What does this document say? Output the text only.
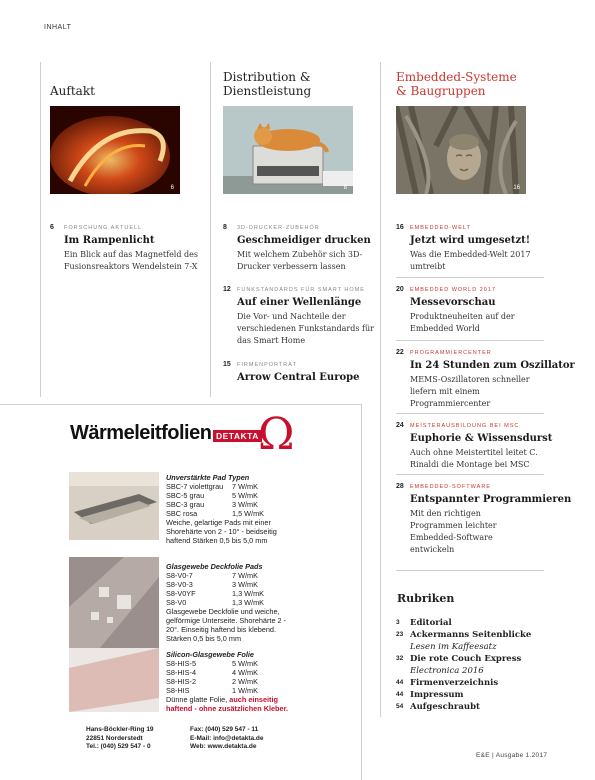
INHALT
Auftakt
6
6 FORSCHUNG AKTUELL
Im Rampenlicht
Ein Blick auf das Magnetfeld des Fusionsreaktors Wendelstein 7-X
Distribution & Dienstleistung
8
8 3D-DRUCKER-ZUBEHÖR
Geschmeidiger drucken
Mit welchem Zubehör sich 3D-Drucker verbessern lassen
12 FUNKSTANDARDS FÜR SMART HOME
Auf einer Wellenlänge
Die Vor- und Nachteile der verschiedenen Funkstandards für das Smart Home
15 FIRMENPORTRÄT
Arrow Central Europe
Embedded-Systeme & Baugruppen
16
16 EMBEDDED-WELT
Jetzt wird umgesetzt!
Was die Embedded-Welt 2017 umtreibt
20 EMBEDDED WORLD 2017
Messevorschau
Produktneuheiten auf der Embedded World
22 PROGRAMMIERCENTER
In 24 Stunden zum Oszillator
MEMS-Oszillatoren schneller liefern mit einem Programmiercenter
24 MEISTERAUSBILDUNG BEI MSC
Euphorie & Wissensdurst
Auch ohne Meistertitel leitet C. Rinaldi die Montage bei MSC
28 EMBEDDED-SOFTWARE
Entspannter Programmieren
Mit den richtigen Programmen leichter Embedded-Software entwickeln
Wärmeleitfolien DETAKTA Ω
Unverstärkte Pad Typen
SBC-7 violettgrau	7 W/mK
SBC-5 grau	5 W/mK
SBC-3 grau	3 W/mK
SBC rosa	1,5 W/mK
Weiche, gelartige Pads mit einer Shorehärte von 2 - 10° - beidseitig haftend Stärken 0,5 bis 5,0 mm
Glasgewebe Deckfolie Pads
S8-V0-7	7 W/mK
S8-V0-3	3 W/mK
S8-V0YF	1,3 W/mK
S8-V0	1,3 W/mK
Glasgewebe Deckfolie und weiche, gelförmige Unterseite. Shorehärte 2 - 20°. Einseitig haftend bis klebend. Stärken 0,5 bis 5,0 mm
Silicon-Glasgewebe Folie
S8-HIS-5	5 W/mK
S8-HIS-4	4 W/mK
S8-HIS-2	2 W/mK
S8-HIS	1 W/mK
Dünne glatte Folie, auch einseitig haftend - ohne zusätzlichen Kleber.
Hans-Böckler-Ring 19
22851 Norderstedt
Tel.: (040) 529 547 - 0
Fax: (040) 529 547 - 11
E-Mail: info@detakta.de
Web: www.detakta.de
Rubriken
3 Editorial
23 Ackermanns Seitenblicke
Lesen im Kaffeesatz
32 Die rote Couch Express
Electronica 2016
44 Firmenverzeichnis
44 Impressum
54 Aufgeschraubt
E&E | Ausgabe 1.2017
